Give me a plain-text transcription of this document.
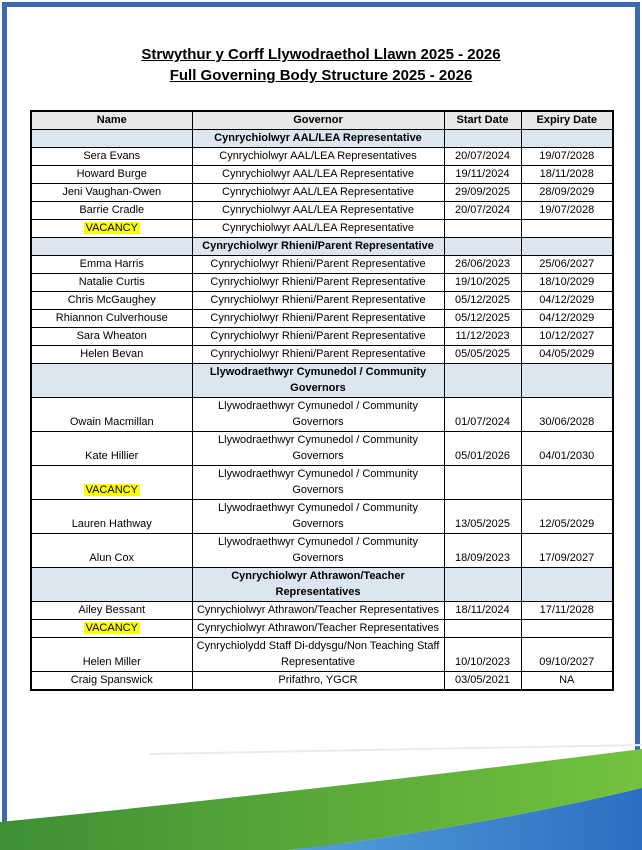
Strwythur y Corff Llywodraethol Llawn 2025 - 2026
Full Governing Body Structure 2025 - 2026
Name	Governor	Start Date	Expiry Date
	Cynrychiolwyr AAL/LEA Representative		
Sera Evans	Cynrychiolwyr AAL/LEA Representatives	20/07/2024	19/07/2028
Howard Burge	Cynrychiolwyr AAL/LEA Representative	19/11/2024	18/11/2028
Jeni Vaughan-Owen	Cynrychiolwyr AAL/LEA Representative	29/09/2025	28/09/2029
Barrie Cradle	Cynrychiolwyr AAL/LEA Representative	20/07/2024	19/07/2028
VACANCY	Cynrychiolwyr AAL/LEA Representative		
	Cynrychiolwyr Rhieni/Parent Representative		
Emma Harris	Cynrychiolwyr Rhieni/Parent Representative	26/06/2023	25/06/2027
Natalie Curtis	Cynrychiolwyr Rhieni/Parent Representative	19/10/2025	18/10/2029
Chris McGaughey	Cynrychiolwyr Rhieni/Parent Representative	05/12/2025	04/12/2029
Rhiannon Culverhouse	Cynrychiolwyr Rhieni/Parent Representative	05/12/2025	04/12/2029
Sara Wheaton	Cynrychiolwyr Rhieni/Parent Representative	11/12/2023	10/12/2027
Helen Bevan	Cynrychiolwyr Rhieni/Parent Representative	05/05/2025	04/05/2029
	Llywodraethwyr Cymunedol / Community Governors		
Owain Macmillan	Llywodraethwyr Cymunedol / Community Governors	01/07/2024	30/06/2028
Kate Hillier	Llywodraethwyr Cymunedol / Community Governors	05/01/2026	04/01/2030
VACANCY	Llywodraethwyr Cymunedol / Community Governors		
Lauren Hathway	Llywodraethwyr Cymunedol / Community Governors	13/05/2025	12/05/2029
Alun Cox	Llywodraethwyr Cymunedol / Community Governors	18/09/2023	17/09/2027
	Cynrychiolwyr Athrawon/Teacher Representatives		
Ailey Bessant	Cynrychiolwyr Athrawon/Teacher Representatives	18/11/2024	17/11/2028
VACANCY	Cynrychiolwyr Athrawon/Teacher Representatives		
Helen Miller	Cynrychiolydd Staff Di-ddysgu/Non Teaching Staff Representative	10/10/2023	09/10/2027
Craig Spanswick	Prifathro, YGCR	03/05/2021	NA
